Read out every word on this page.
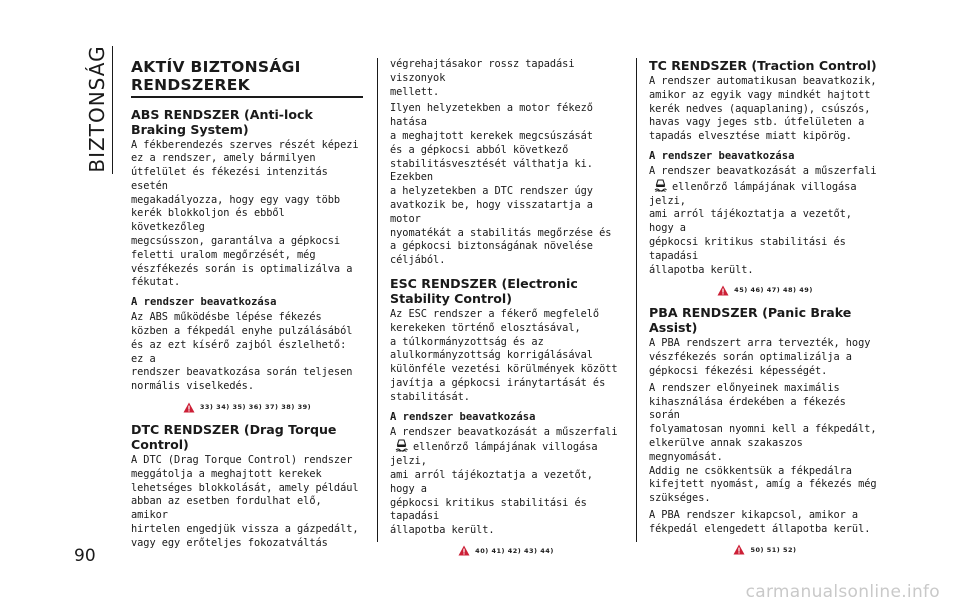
BIZTONSÁG AKTÍV BIZTONSÁGI
RENDSZEREK
ABS RENDSZER (Anti-lock
Braking System)

A fékberendezés szerves részét képezi
ez a rendszer, amely bármilyen
útfelület és fékezési intenzitás esetén
megakadályozza, hogy egy vagy több
kerék blokkoljon és ebből következőleg
megcsússzon, garantálva a gépkocsi
feletti uralom megőrzését, még
vészfékezés során is optimalizálva a
fékutat.

A rendszer beavatkozása

Az ABS működésbe lépése fékezés
közben a fékpedál enyhe pulzálásából
és az ezt kísérő zajból észlelhető: ez a
rendszer beavatkozása során teljesen
normális viselkedés.

33) 34) 35) 36) 37) 38) 39)
DTC RENDSZER (Drag Torque
Control)

A DTC (Drag Torque Control) rendszer
meggátolja a meghajtott kerekek
lehetséges blokkolását, amely például
abban az esetben fordulhat elő, amikor
hirtelen engedjük vissza a gázpedált,
vagy egy erőteljes fokozatváltás

végrehajtásakor rossz tapadási viszonyok
mellett.

Ilyen helyzetekben a motor fékező hatása
a meghajtott kerekek megcsúszását
és a gépkocsi abból következő
stabilitásvesztését válthatja ki. Ezekben
a helyzetekben a DTC rendszer úgy
avatkozik be, hogy visszatartja a motor
nyomatékát a stabilitás megőrzése és
a gépkocsi biztonságának növelése
céljából.

ESC RENDSZER (Electronic
Stability Control)

Az ESC rendszer a fékerő megfelelő
kerekeken történő elosztásával,
a túlkormányzottság és az
alulkormányzottság korrigálásával
különféle vezetési körülmények között
javítja a gépkocsi iránytartását és
stabilitását.

A rendszer beavatkozása

A rendszer beavatkozását a műszerfali
ellenőrző lámpájának villogása jelzi,
ami arról tájékoztatja a vezetőt, hogy a
gépkocsi kritikus stabilitási és tapadási
állapotba került.

40) 41) 42) 43) 44)
TC RENDSZER (Traction Control)

A rendszer automatikusan beavatkozik,
amikor az egyik vagy mindkét hajtott
kerék nedves (aquaplaning), csúszós,
havas vagy jeges stb. útfelületen a
tapadás elvesztése miatt kipörög.

A rendszer beavatkozása

A rendszer beavatkozását a műszerfali
ellenőrző lámpájának villogása jelzi,
ami arról tájékoztatja a vezetőt, hogy a
gépkocsi kritikus stabilitási és tapadási
állapotba került.

45) 46) 47) 48) 49)
PBA RENDSZER (Panic Brake
Assist)

A PBA rendszert arra tervezték, hogy
vészfékezés során optimalizálja a
gépkocsi fékezési képességét.

A rendszer előnyeinek maximális
kihasználása érdekében a fékezés során
folyamatosan nyomni kell a fékpedált,
elkerülve annak szakaszos megnyomását.
Addig ne csökkentsük a fékpedálra
kifejtett nyomást, amíg a fékezés még
szükséges.

A PBA rendszer kikapcsol, amikor a
fékpedál elengedett állapotba kerül.

50) 51) 52)
90
carmanualsonline.info
